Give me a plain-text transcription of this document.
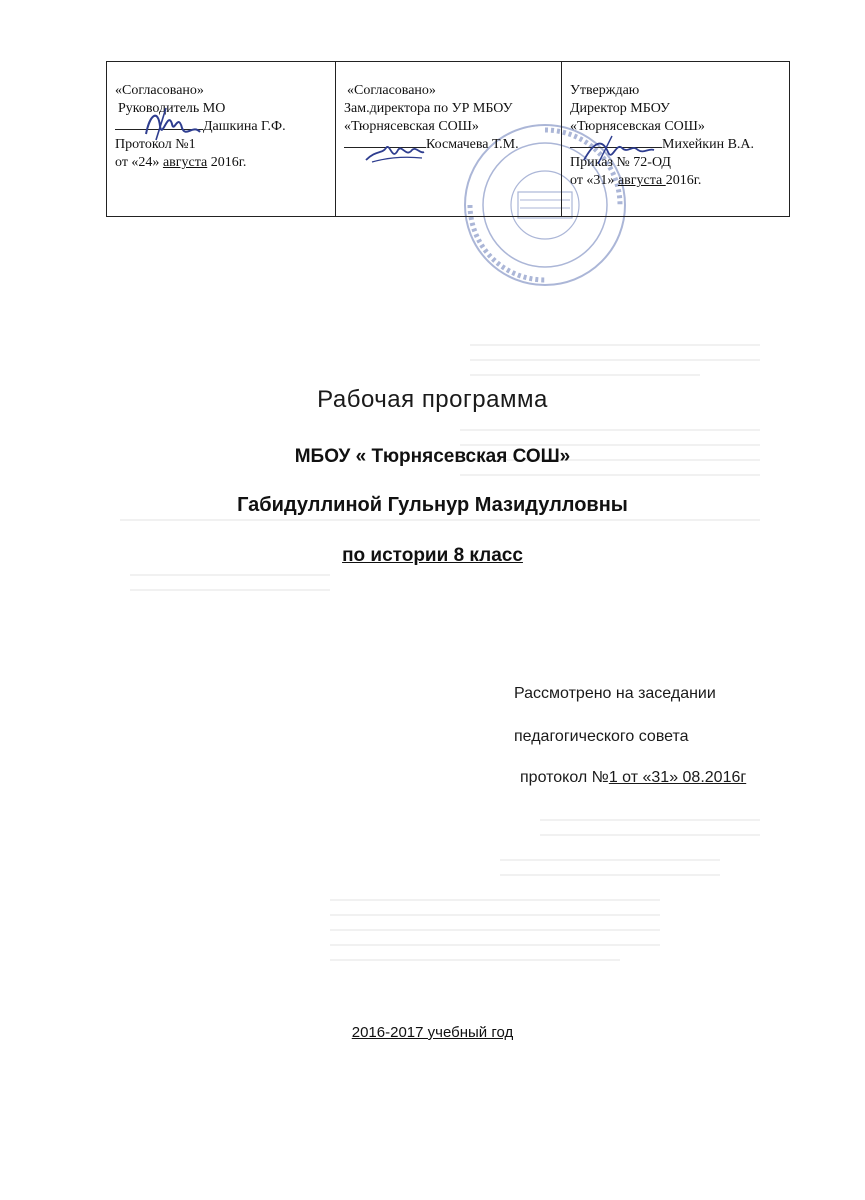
«Согласовано»
Руководитель МО
Дашкина Г.Ф.
Протокол №1
от «24» августа 2016г.
«Согласовано»
Зам.директора по УР МБОУ
«Тюрнясевская СОШ»
Космачева Т.М.
Утверждаю
Директор МБОУ
«Тюрнясевская СОШ»
Михейкин В.А.
Приказ № 72-ОД
от «31» августа 2016г.
Рабочая программа
МБОУ « Тюрнясевская СОШ»
Габидуллиной Гульнур Мазидулловны
по истории 8 класс
Рассмотрено на заседании
педагогического совета
протокол №1 от «31» 08.2016г
2016-2017 учебный год
